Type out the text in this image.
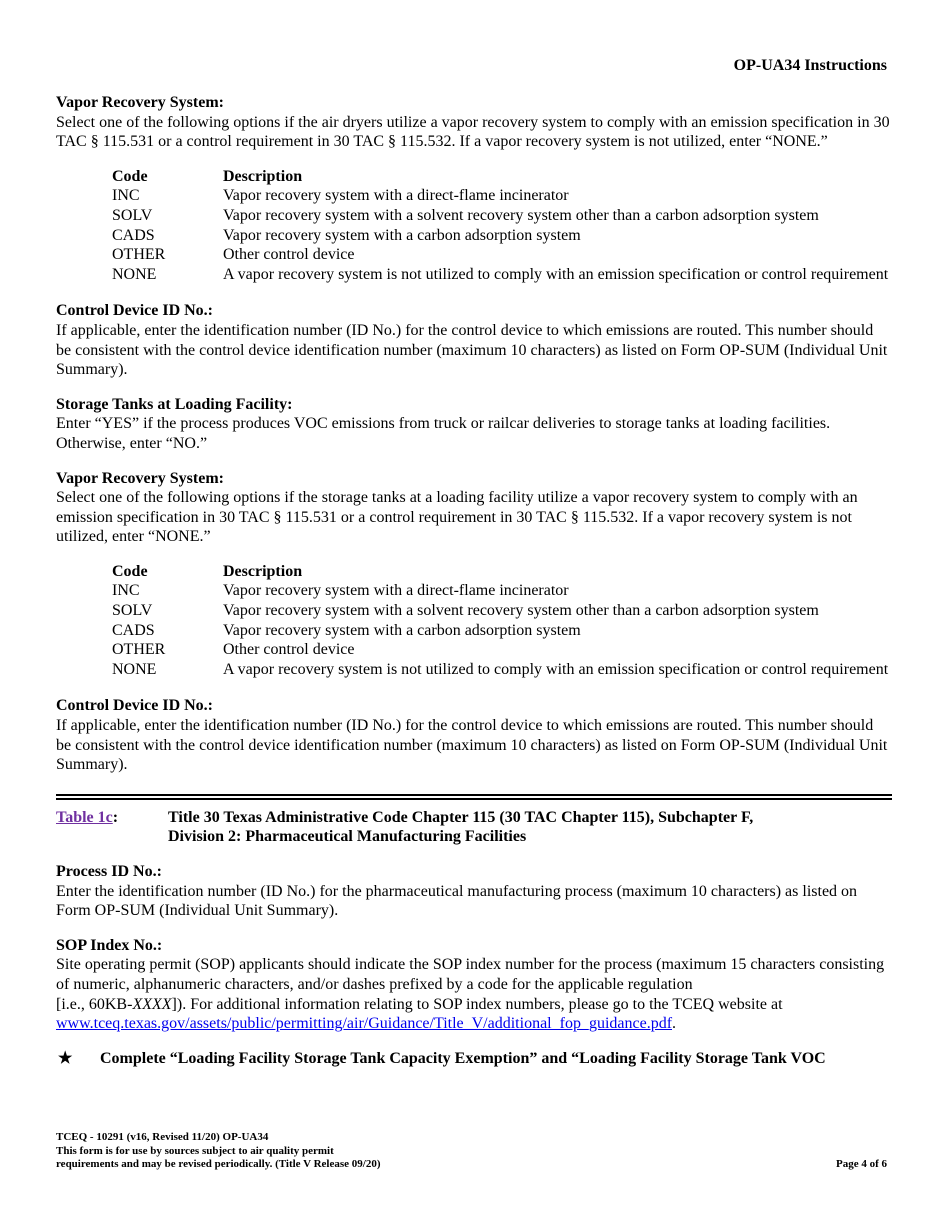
OP-UA34 Instructions
Vapor Recovery System:
Select one of the following options if the air dryers utilize a vapor recovery system to comply with an emission specification in 30 TAC § 115.531 or a control requirement in 30 TAC § 115.532. If a vapor recovery system is not utilized, enter “NONE.”
Code	Description
INC	Vapor recovery system with a direct-flame incinerator
SOLV	Vapor recovery system with a solvent recovery system other than a carbon adsorption system
CADS	Vapor recovery system with a carbon adsorption system
OTHER	Other control device
NONE	A vapor recovery system is not utilized to comply with an emission specification or control requirement
Control Device ID No.:
If applicable, enter the identification number (ID No.) for the control device to which emissions are routed. This number should be consistent with the control device identification number (maximum 10 characters) as listed on Form OP-SUM (Individual Unit Summary).
Storage Tanks at Loading Facility:
Enter “YES” if the process produces VOC emissions from truck or railcar deliveries to storage tanks at loading facilities. Otherwise, enter “NO.”
Vapor Recovery System:
Select one of the following options if the storage tanks at a loading facility utilize a vapor recovery system to comply with an emission specification in 30 TAC § 115.531 or a control requirement in 30 TAC § 115.532. If a vapor recovery system is not utilized, enter “NONE.”
Code	Description
INC	Vapor recovery system with a direct-flame incinerator
SOLV	Vapor recovery system with a solvent recovery system other than a carbon adsorption system
CADS	Vapor recovery system with a carbon adsorption system
OTHER	Other control device
NONE	A vapor recovery system is not utilized to comply with an emission specification or control requirement
Control Device ID No.:
If applicable, enter the identification number (ID No.) for the control device to which emissions are routed. This number should be consistent with the control device identification number (maximum 10 characters) as listed on Form OP-SUM (Individual Unit Summary).
Table 1c:	Title 30 Texas Administrative Code Chapter 115 (30 TAC Chapter 115), Subchapter F,
Division 2: Pharmaceutical Manufacturing Facilities
Process ID No.:
Enter the identification number (ID No.) for the pharmaceutical manufacturing process (maximum 10 characters) as listed on Form OP-SUM (Individual Unit Summary).
SOP Index No.:
Site operating permit (SOP) applicants should indicate the SOP index number for the process (maximum 15 characters consisting of numeric, alphanumeric characters, and/or dashes prefixed by a code for the applicable regulation
[i.e., 60KB-XXXX]). For additional information relating to SOP index numbers, please go to the TCEQ website at
www.tceq.texas.gov/assets/public/permitting/air/Guidance/Title_V/additional_fop_guidance.pdf.
★	Complete “Loading Facility Storage Tank Capacity Exemption” and “Loading Facility Storage Tank VOC
TCEQ - 10291 (v16, Revised 11/20) OP-UA34
This form is for use by sources subject to air quality permit
requirements and may be revised periodically. (Title V Release 09/20)	Page 4 of 6
